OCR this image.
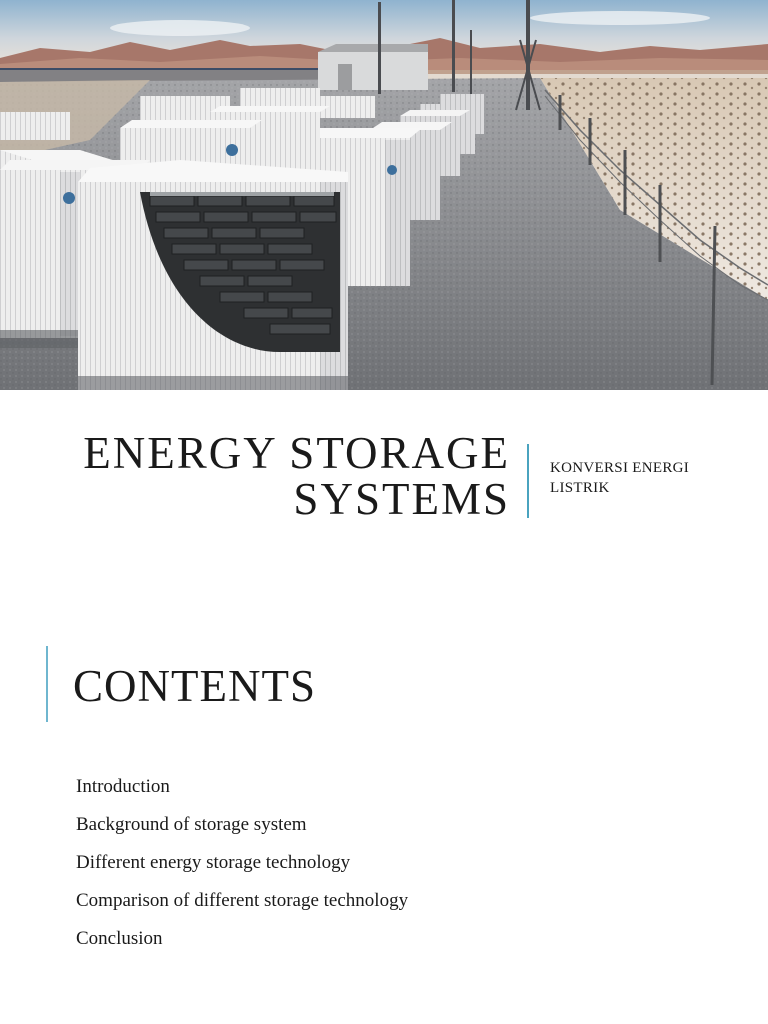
ENERGY STORAGE
SYSTEMS

KONVERSI ENERGI
LISTRIK

CONTENTS
Introduction
Background of storage system
Different energy storage technology
Comparison of different storage technology
Conclusion
